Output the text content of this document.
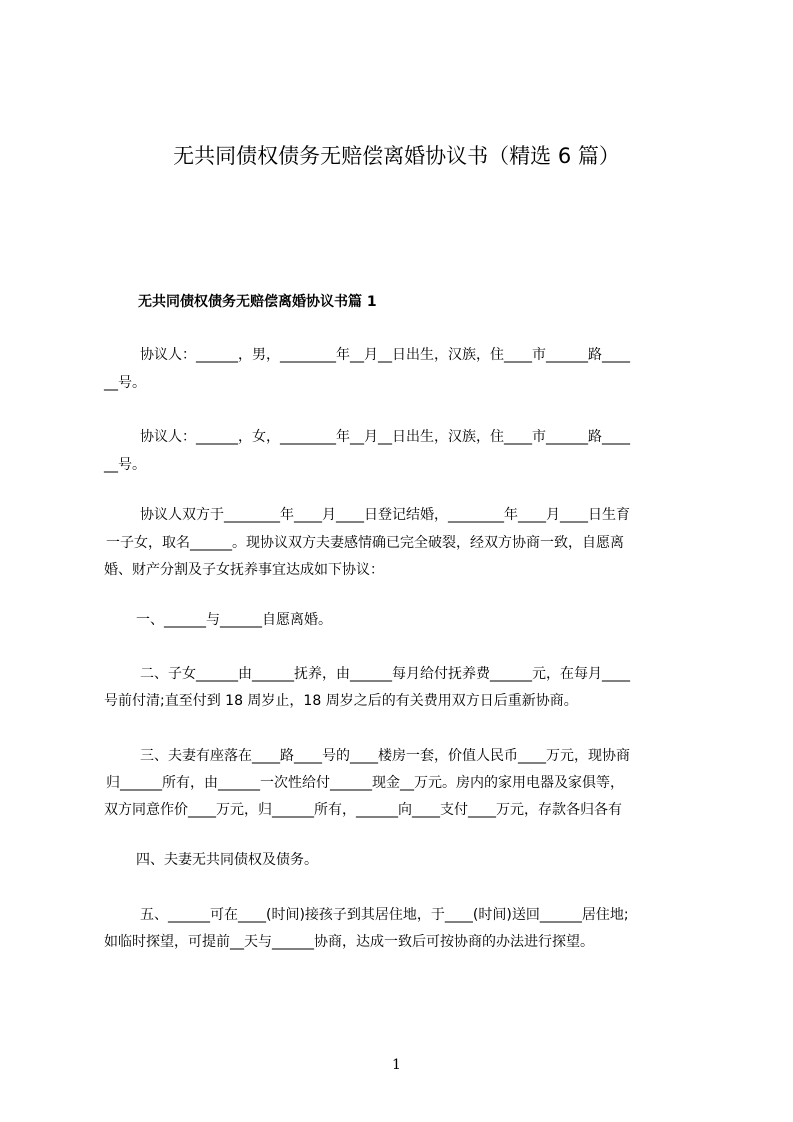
无共同债权债务无赔偿离婚协议书（精选 6 篇）
无共同债权债务无赔偿离婚协议书篇 1
协议人：______，男，________年__月__日出生，汉族，住____市______路____
__号。
协议人：______，女，________年__月__日出生，汉族，住____市______路____
__号。
协议人双方于________年____月____日登记结婚，________年____月____日生育
一子女，取名______。现协议双方夫妻感情确已完全破裂，经双方协商一致，自愿离
婚、财产分割及子女抚养事宜达成如下协议：
一、______与______自愿离婚。
二、子女______由______抚养，由______每月给付抚养费______元，在每月____
号前付清;直至付到 18 周岁止，18 周岁之后的有关费用双方日后重新协商。
三、夫妻有座落在____路____号的____楼房一套，价值人民币____万元，现协商
归______所有，由______一次性给付______现金__万元。房内的家用电器及家俱等，
双方同意作价____万元，归______所有，______向____支付____万元，存款各归各有
四、夫妻无共同债权及债务。
五、______可在____(时间)接孩子到其居住地，于____(时间)送回______居住地;
如临时探望，可提前__天与______协商，达成一致后可按协商的办法进行探望。
1
